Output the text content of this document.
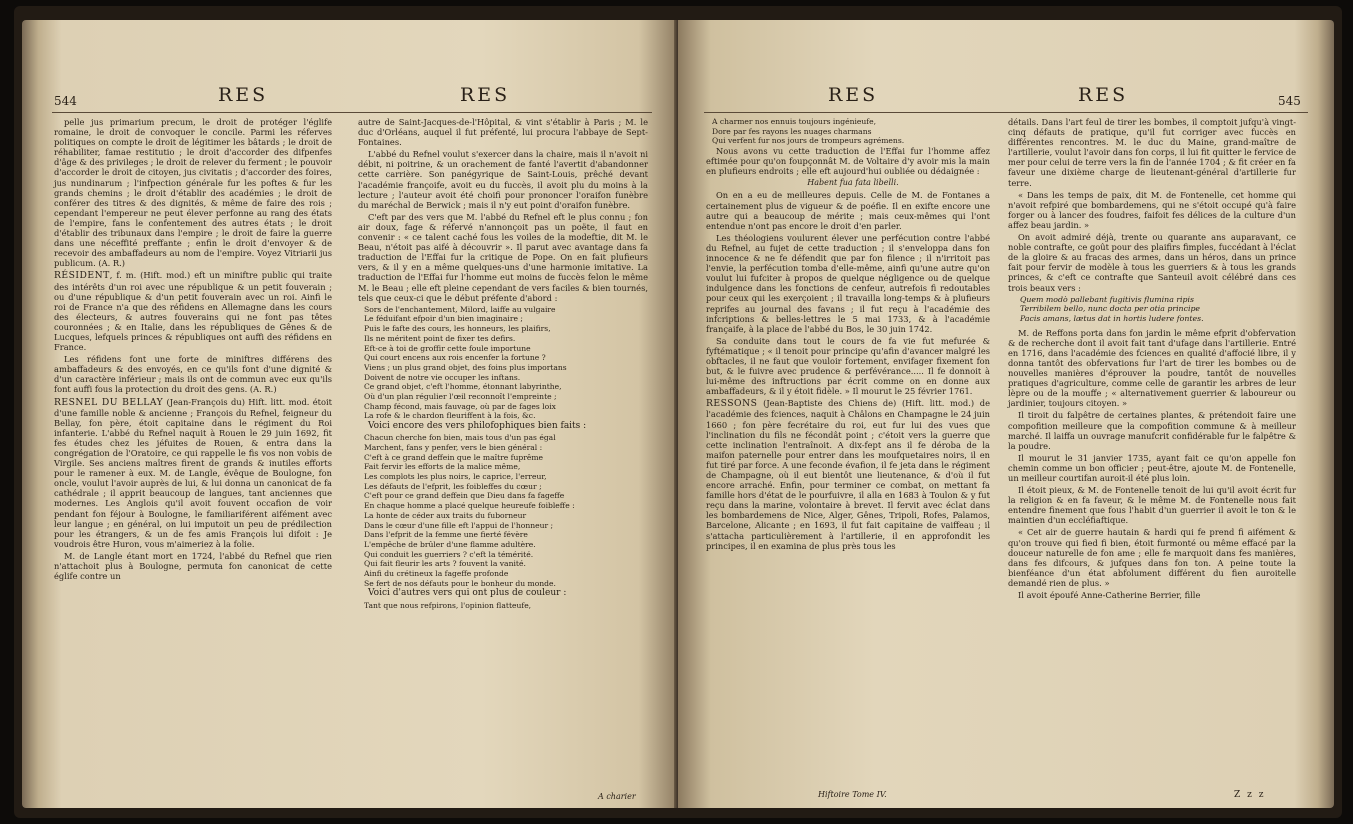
544	RES	RES

pelle jus primarium precum, le droit de protéger l'églife romaine, le droit de convoquer le concile. Parmi les réferves politiques on compte le droit de légitimer les bâtards ; le droit de réhabiliter, famae restitutio ; le droit d'accorder des difpenfes d'âge & des privileges ; le droit de relever du ferment ; le pouvoir d'accorder le droit de citoyen, jus civitatis ; d'accorder des foires, jus nundinarum ; l'infpection générale fur les poftes & fur les grands chemins ; le droit d'établir des académies ; le droit de conférer des titres & des dignités, & même de faire des rois ; cependant l'empereur ne peut élever perfonne au rang des états de l'empire, fans le confentement des autres états ; le droit d'établir des tribunaux dans l'empire ; le droit de faire la guerre dans une néceffité preffante ; enfin le droit d'envoyer & de recevoir des ambaffadeurs au nom de l'empire. Voyez Vitriarii jus publicum. (A. R.)

RÉSIDENT, f. m. (Hift. mod.) eft un miniftre public qui traite des intérêts d'un roi avec une république & un petit fouverain ; ou d'une république & d'un petit fouverain avec un roi. Ainfi le roi de France n'a que des réfidens en Allemagne dans les cours des électeurs, & autres fouverains qui ne font pas têtes couronnées ; & en Italie, dans les républiques de Gênes & de Lucques, lefquels princes & républiques ont auffi des réfidens en France.

Les réfidens font une forte de miniftres différens des ambaffadeurs & des envoyés, en ce qu'ils font d'une dignité & d'un caractère inférieur ; mais ils ont de commun avec eux qu'ils font auffi fous la protection du droit des gens. (A. R.)

RESNEL DU BELLAY (Jean-François du) Hift. litt. mod. étoit d'une famille noble & ancienne ; François du Refnel, feigneur du Bellay, fon père, étoit capitaine dans le régiment du Roi infanterie. L'abbé du Refnel naquit à Rouen le 29 juin 1692, fit fes études chez les jéfuites de Rouen, & entra dans la congrégation de l'Oratoire, ce qui rappelle le fis vos non vobis de Virgile. Ses anciens maîtres firent de grands & inutiles efforts pour le ramener à eux. M. de Langle, évêque de Boulogne, fon oncle, voulut l'avoir auprès de lui, & lui donna un canonicat de fa cathédrale ; il apprit beaucoup de langues, tant anciennes que modernes. Les Anglois qu'il avoit fouvent occafion de voir pendant fon féjour à Boulogne, le familiariférent aifément avec leur langue ; en général, on lui imputoit un peu de prédilection pour les étrangers, & un de fes amis François lui difoit : Je voudrois être Huron, vous m'aimeriez à la folie.

M. de Langle étant mort en 1724, l'abbé du Refnel que rien n'attachoit plus à Boulogne, permuta fon canonicat de cette églife contre un

autre de Saint-Jacques-de-l'Hôpital, & vint s'établir à Paris ; M. le duc d'Orléans, auquel il fut préfenté, lui procura l'abbaye de Sept-Fontaines.

L'abbé du Refnel voulut s'exercer dans la chaire, mais il n'avoit ni débit, ni poitrine, & un orachement de fanté l'avertit d'abandonner cette carrière. Son panégyrique de Saint-Louis, prêché devant l'académie françoife, avoit eu du fuccès, il avoit plu du moins à la lecture ; l'auteur avoit été choifi pour prononcer l'oraifon funèbre du maréchal de Berwick ; mais il n'y eut point d'oraifon funèbre.

C'eft par des vers que M. l'abbé du Refnel eft le plus connu ; fon air doux, fage & réfervé n'annonçoit pas un poëte, il faut en convenir : « ce talent caché fous les voiles de la modeftie, dit M. le Beau, n'étoit pas aifé à découvrir ». Il parut avec avantage dans fa traduction de l'Effai fur la critique de Pope. On en fait plufieurs vers, & il y en a même quelques-uns d'une harmonie imitative. La traduction de l'Effai fur l'homme eut moins de fuccès felon le même M. le Beau ; elle eft pleine cependant de vers faciles & bien tournés, tels que ceux-ci que le début préfente d'abord :

Sors de l'enchantement, Milord, laiffe au vulgaire
Le féduifant efpoir d'un bien imaginaire ;
Puis le fafte des cours, les honneurs, les plaifirs,
Ils ne méritent point de fixer tes defirs.
Eft-ce à toi de groffir cette foule importune
Qui court encens aux rois encenfer la fortune ?
Viens ; un plus grand objet, des foins plus importans
Doivent de notre vie occuper les inftans.
Ce grand objet, c'eft l'homme, étonnant labyrinthe,
Où d'un plan régulier l'œil reconnoît l'empreinte ;
Champ fécond, mais fauvage, où par de fages loix
La rofe & le chardon fleuriffent à la fois, &c.

Voici encore des vers philofophiques bien faits :

Chacun cherche fon bien, mais tous d'un pas égal
Marchent, fans y penfer, vers le bien général :
C'eft à ce grand deffein que le maître fuprême
Fait fervir les efforts de la malice même,
Les complots les plus noirs, le caprice, l'erreur,
Les défauts de l'efprit, les foibleffes du cœur ;
C'eft pour ce grand deffein que Dieu dans fa fageffe
En chaque homme a placé quelque heureufe foibleffe :
La honte de céder aux traits du fuborneur
Dans le cœur d'une fille eft l'appui de l'honneur ;
Dans l'efprit de la femme une fierté févère
L'empêche de brûler d'une flamme adultère.
Qui conduit les guerriers ? c'eft la témérité.
Qui fait fleurir les arts ? fouvent la vanité.
Ainfi du crétineux la fageffe profonde
Se fert de nos défauts pour le bonheur du monde.

Voici d'autres vers qui ont plus de couleur :

Tant que nous refpirons, l'opinion flatteufe,
A charier
RES	RES	545
A charmer nos ennuis toujours ingénieufe,
Dore par fes rayons les nuages charmans
Qui verfent fur nos jours de trompeurs agrémens.

Nous avons vu cette traduction de l'Effai fur l'homme affez eftimée pour qu'on foupçonnât M. de Voltaire d'y avoir mis la main en plufieurs endroits ; elle eft aujourd'hui oubliée ou dédaignée :

Habent fua fata libelli.

On en a eu de meilleures depuis. Celle de M. de Fontanes a certainement plus de vigueur & de poéfie. Il en exifte encore une autre qui a beaucoup de mérite ; mais ceux-mêmes qui l'ont entendue n'ont pas encore le droit d'en parler.

Les théologiens voulurent élever une perfécution contre l'abbé du Refnel, au fujet de cette traduction ; il s'enveloppa dans fon innocence & ne fe défendit que par fon filence ; il n'irritoit pas l'envie, la perfécution tomba d'elle-même, ainfi qu'une autre qu'on voulut lui fufciter à propos de quelque négligence ou de quelque indulgence dans les fonctions de cenfeur, autrefois fi redoutables pour ceux qui les exerçoient ; il travailla long-temps & à plufieurs reprifes au journal des favans ; il fut reçu à l'académie des infcriptions & belles-lettres le 5 mai 1733, & à l'académie françaife, à la place de l'abbé du Bos, le 30 juin 1742.

Sa conduite dans tout le cours de fa vie fut mefurée & fyftématique ; « il tenoit pour principe qu'afin d'avancer malgré les obftacles, il ne faut que vouloir fortement, envifager fixement fon but, & le fuivre avec prudence & perfévérance..... Il fe donnoit à lui-même des inftructions par écrit comme on en donne aux ambaffadeurs, & il y étoit fidèle. » Il mourut le 25 février 1761.

RESSONS (Jean-Baptiste des Chiens de) (Hift. litt. mod.) de l'académie des fciences, naquit à Châlons en Champagne le 24 juin 1660 ; fon père fecrétaire du roi, eut fur lui des vues que l'inclination du fils ne fécondât point ; c'étoit vers la guerre que cette inclination l'entraînoit. A dix-fept ans il fe déroba de la maifon paternelle pour entrer dans les moufquetaires noirs, il en fut tiré par force. A une feconde évafion, il fe jeta dans le régiment de Champagne, où il eut bientôt une lieutenance, & d'où il fut encore arraché. Enfin, pour terminer ce combat, on mettant fa famille hors d'état de le pourfuivre, il alla en 1683 à Toulon & y fut reçu dans la marine, volontaire à brevet. Il fervit avec éclat dans les bombardemens de Nice, Alger, Gênes, Tripoli, Rofes, Palamos, Barcelone, Alicante ; en 1693, il fut fait capitaine de vaiffeau ; il s'attacha particulièrement à l'artillerie, il en approfondit les principes, il en examina de plus près tous les

détails. Dans l'art feul de tirer les bombes, il comptoit jufqu'à vingt-cinq défauts de pratique, qu'il fut corriger avec fuccès en différentes rencontres. M. le duc du Maine, grand-maître de l'artillerie, voulut l'avoir dans fon corps, il lui fit quitter le fervice de mer pour celui de terre vers la fin de l'année 1704 ; & fit créer en fa faveur une dixième charge de lieutenant-général d'artillerie fur terre.

« Dans les temps de paix, dit M. de Fontenelle, cet homme qui n'avoit refpiré que bombardemens, qui ne s'étoit occupé qu'à faire forger ou à lancer des foudres, faifoit fes délices de la culture d'un affez beau jardin. »

On avoit admiré déjà, trente ou quarante ans auparavant, ce noble contrafte, ce goût pour des plaifirs fimples, fuccédant à l'éclat de la gloire & au fracas des armes, dans un héros, dans un prince fait pour fervir de modèle à tous les guerriers & à tous les grands princes, & c'eft ce contrafte que Santeuil avoit célébré dans ces trois beaux vers :

Quem modò pallebant fugitivis flumina ripis
Terribilem bello, nunc docta per otia principe
Pacis amans, lætus dat in hortis ludere fontes.

M. de Reffons porta dans fon jardin le même efprit d'obfervation & de recherche dont il avoit fait tant d'ufage dans l'artillerie. Entré en 1716, dans l'académie des fciences en qualité d'affocié libre, il y donna tantôt des obfervations fur l'art de tirer les bombes ou de nouvelles manières d'éprouver la poudre, tantôt de nouvelles pratiques d'agriculture, comme celle de garantir les arbres de leur lèpre ou de la mouffe ; « alternativement guerrier & laboureur ou jardinier, toujours citoyen. »

Il tiroit du falpêtre de certaines plantes, & prétendoit faire une compofition meilleure que la compofition commune & à meilleur marché. Il laiffa un ouvrage manufcrit confidérable fur le falpêtre & la poudre.

Il mourut le 31 janvier 1735, ayant fait ce qu'on appelle fon chemin comme un bon officier ; peut-être, ajoute M. de Fontenelle, un meilleur courtifan auroit-il été plus loin.

Il étoit pieux, & M. de Fontenelle tenoit de lui qu'il avoit écrit fur la religion & en fa faveur, & le même M. de Fontenelle nous fait entendre finement que fous l'habit d'un guerrier il avoit le ton & le maintien d'un eccléfiaftique.

« Cet air de guerre hautain & hardi qui fe prend fi aifément & qu'on trouve qui fied fi bien, étoit furmonté ou même effacé par la douceur naturelle de fon ame ; elle fe marquoit dans fes manières, dans fes difcours, & jufques dans fon ton. A peine toute la bienféance d'un état abfolument différent du fien auroitelle demandé rien de plus. »

Il avoit époufé Anne-Catherine Berrier, fille

Hiftoire Tome IV.	Z z z
